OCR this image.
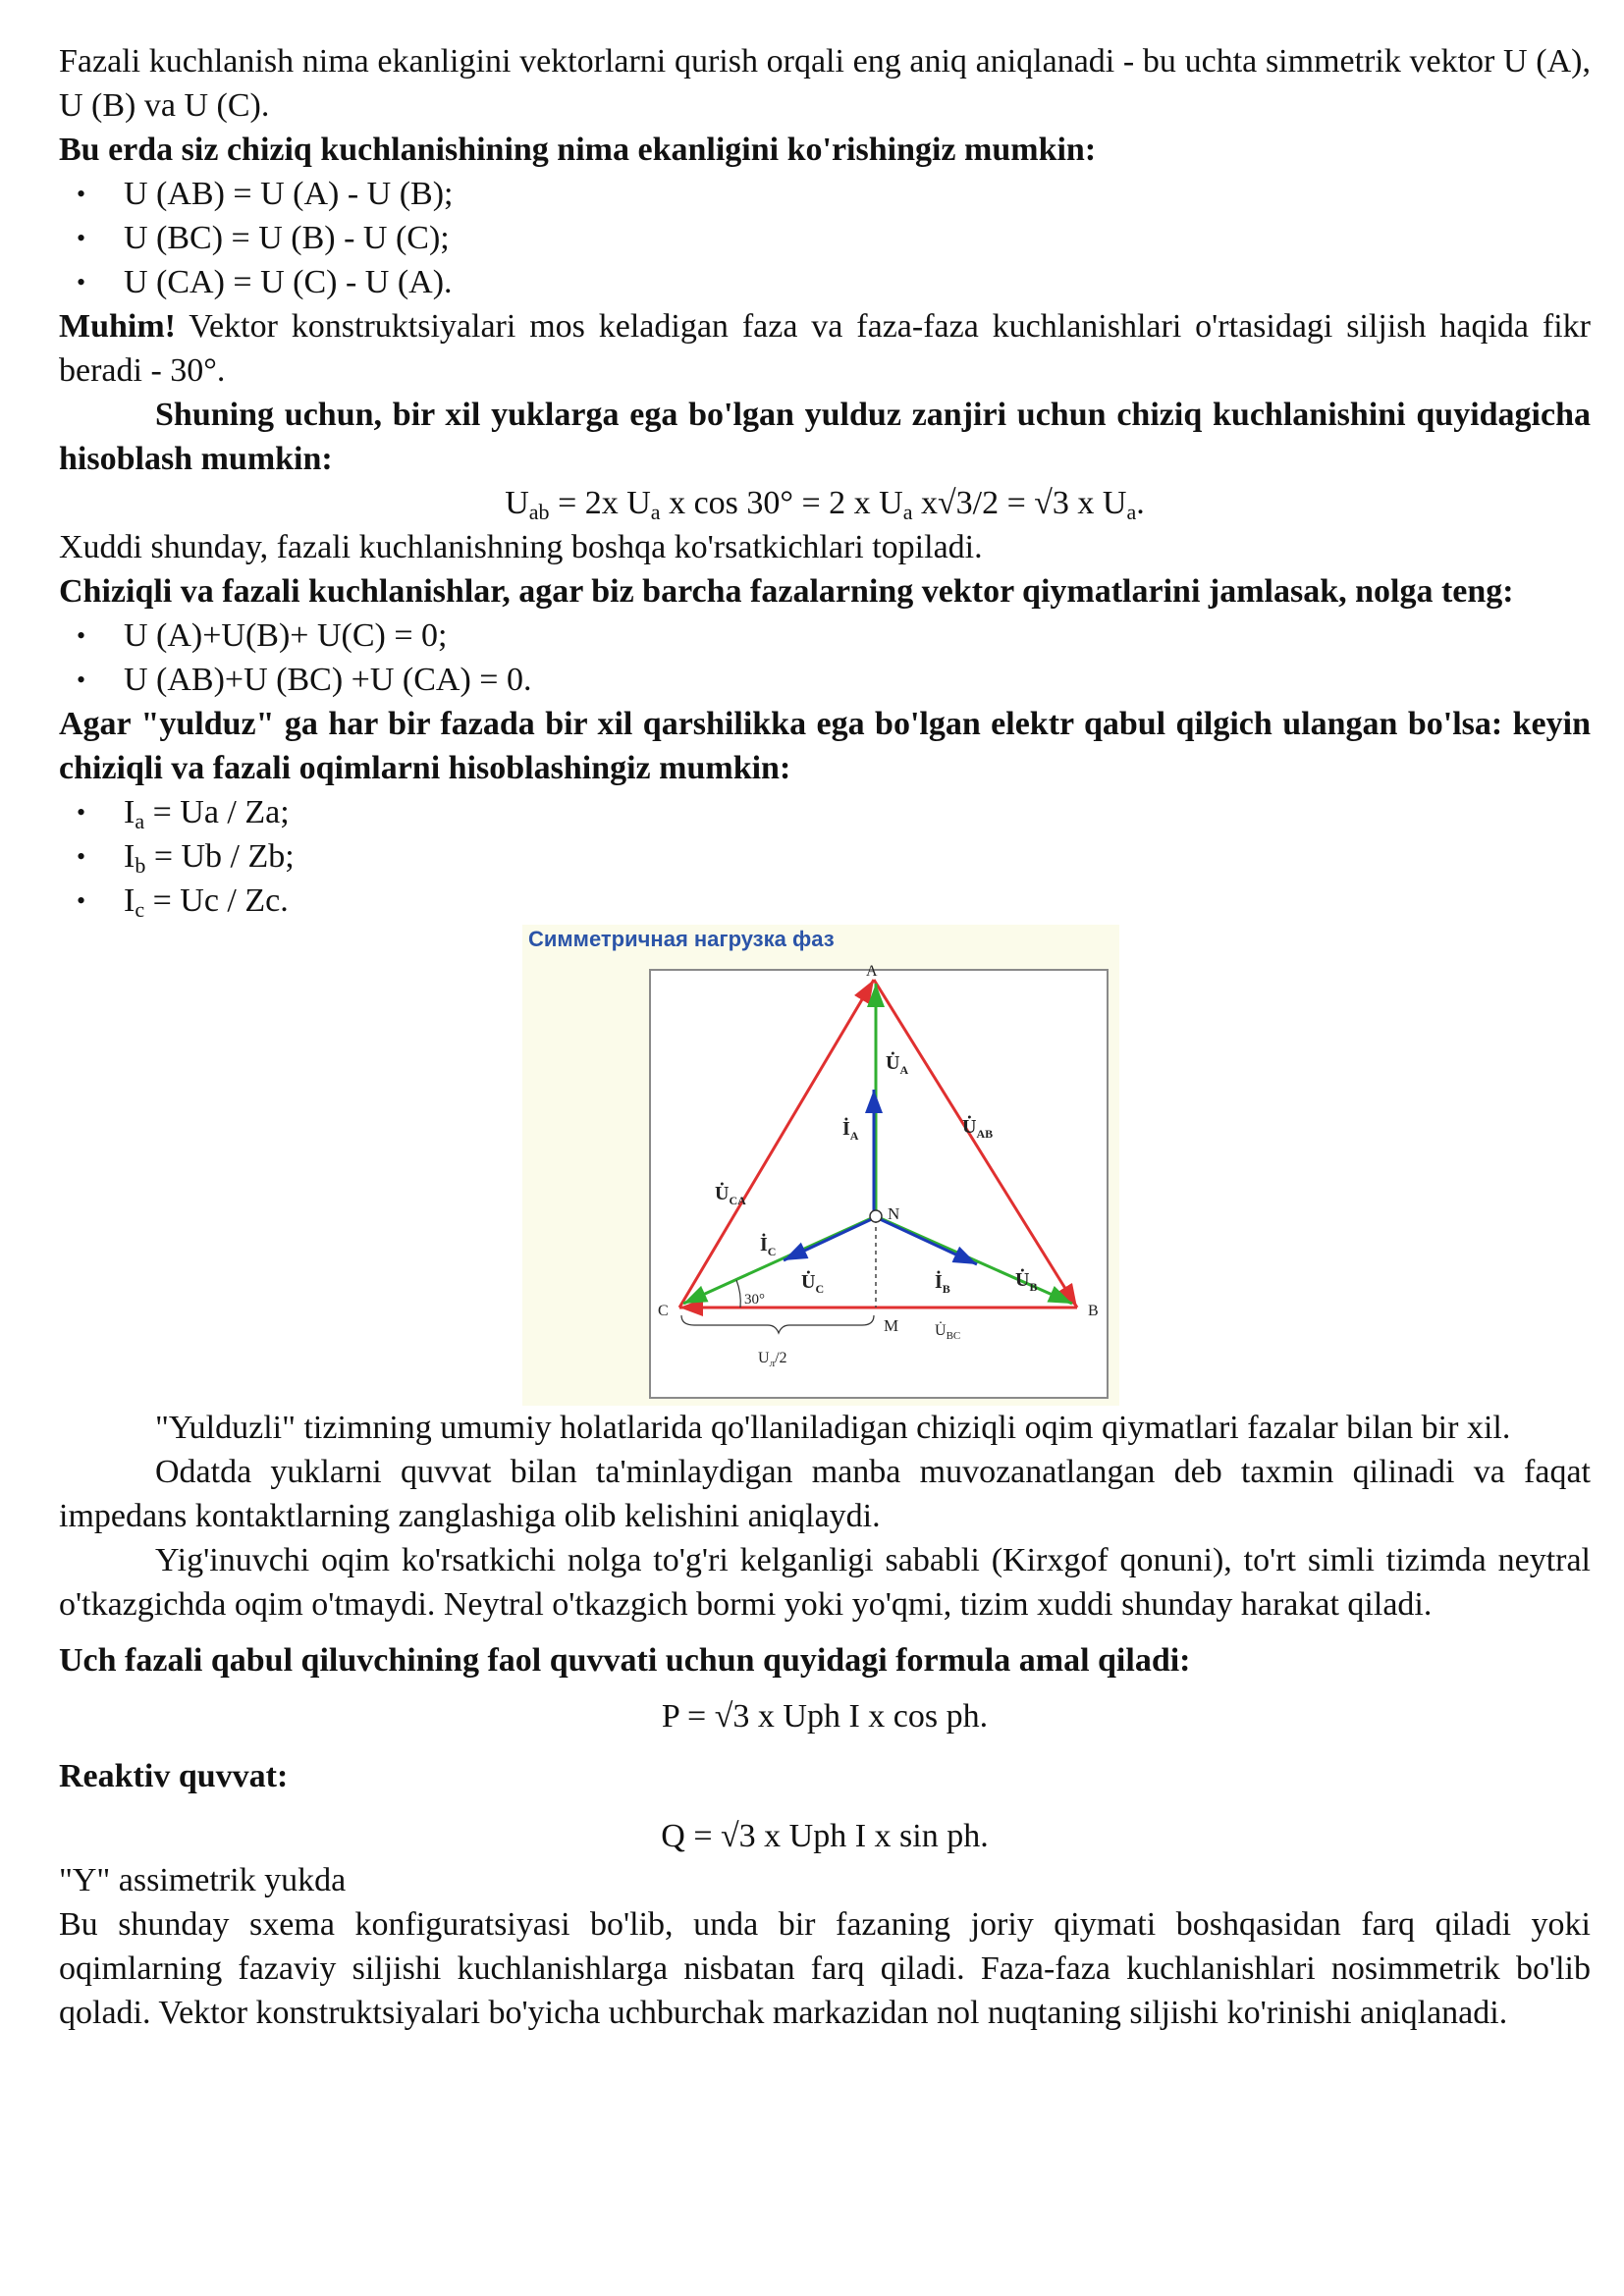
Fazali kuchlanish nima ekanligini vektorlarni qurish orqali eng aniq aniqlanadi - bu uchta simmetrik vektor U (A), U (B) va U (C).

Bu erda siz chiziq kuchlanishining nima ekanligini ko'rishingiz mumkin:

• U (AB) = U (A) - U (B);
• U (BC) = U (B) - U (C);
• U (CA) = U (C) - U (A).

Muhim! Vektor konstruktsiyalari mos keladigan faza va faza-faza kuchlanishlari o'rtasidagi siljish haqida fikr beradi - 30°.

Shuning uchun, bir xil yuklarga ega bo'lgan yulduz zanjiri uchun chiziq kuchlanishini quyidagicha hisoblash mumkin:

$U_{ab} = 2x$ $U_a$ x cos 30° = 2 x $U_a$ x√3/2 = √3 x $U_a$.

Xuddi shunday, fazali kuchlanishning boshqa ko'rsatkichlari topiladi.

Chiziqli va fazali kuchlanishlar, agar biz barcha fazalarning vektor qiymatlarini jamlasak, nolga teng:

• U (A)+U(B)+ U(C) = 0;
• U (AB)+U (BC) +U (CA) = 0.

Agar "yulduz" ga har bir fazada bir xil qarshilikka ega bo'lgan elektr qabul qilgich ulangan bo'lsa: keyin chiziqli va fazali oqimlarni hisoblashingiz mumkin:

• $I_a = Ua / Za$;
• $I_b = Ub / Zb$;
• $I_c = Uc / Zc$.
Симметричная нагрузка фаз
A
B
C
N
M
$U̇_A$
$İ_A$	$U̇_{AB}$
$U̇_{CA}$
$İ_C$
$U̇_C$	$İ_B$	$U̇_B$
$U̇_{BC}$
30°
$U_л/2$

"Yulduzli" tizimning umumiy holatlarida qo'llaniladigan chiziqli oqim qiymatlari fazalar bilan bir xil.

Odatda yuklarni quvvat bilan ta'minlaydigan manba muvozanatlangan deb taxmin qilinadi va faqat impedans kontaktlarning zanglashiga olib kelishini aniqlaydi.

Yig'inuvchi oqim ko'rsatkichi nolga to'g'ri kelganligi sababli (Kirxgof qonuni), to'rt simli tizimda neytral o'tkazgichda oqim o'tmaydi. Neytral o'tkazgich bormi yoki yo'qmi, tizim xuddi shunday harakat qiladi.

Uch fazali qabul qiluvchining faol quvvati uchun quyidagi formula amal qiladi:

P = √3 x Uph I x cos ph.

Reaktiv quvvat:

Q = √3 x Uph I x sin ph.

"Y" assimetrik yukda

Bu shunday sxema konfiguratsiyasi bo'lib, unda bir fazaning joriy qiymati boshqasidan farq qiladi yoki oqimlarning fazaviy siljishi kuchlanishlarga nisbatan farq qiladi. Faza-faza kuchlanishlari nosimmetrik bo'lib qoladi. Vektor konstruktsiyalari bo'yicha uchburchak markazidan nol nuqtaning siljishi ko'rinishi aniqlanadi.
